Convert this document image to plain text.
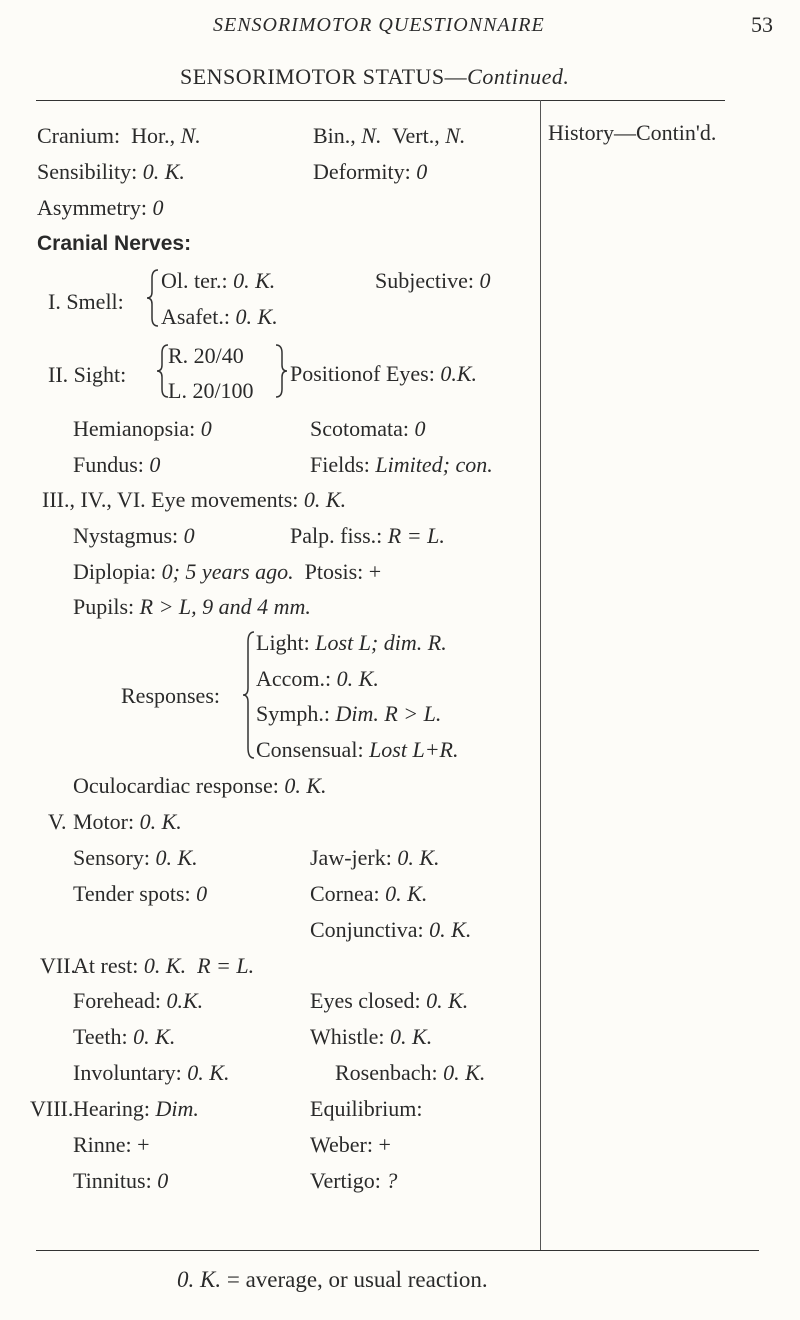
SENSORIMOTOR QUESTIONNAIRE	53
SENSORIMOTOR STATUS—Continued.
History—Contin'd.
Cranium: Hor., N.	Bin., N. Vert., N.
Sensibility: 0. K.	Deformity: 0
Asymmetry: 0
Cranial Nerves:
I. Smell:
Ol. ter.: 0. K.	Subjective: 0
Asafet.: 0. K.
II. Sight:
R. 20/40
L. 20/100
Positionof Eyes: 0.K.
Hemianopsia: 0	Scotomata: 0
Fundus: 0	Fields: Limited; con.
III., IV., VI. Eye movements: 0. K.
Nystagmus: 0	Palp. fiss.: R = L.
Diplopia: 0; 5 years ago. Ptosis: +
Pupils: R > L, 9 and 4 mm.
Responses:
Light: Lost L; dim. R.
Accom.: 0. K.
Symph.: Dim. R > L.
Consensual: Lost L+R.
Oculocardiac response: 0. K.
V. Motor: 0. K.
Sensory: 0. K.	Jaw-jerk: 0. K.
Tender spots: 0	Cornea: 0. K.
Conjunctiva: 0. K.
VII.
At rest: 0. K. R = L.
Forehead: 0.K.	Eyes closed: 0. K.
Teeth: 0. K.	Whistle: 0. K.
Involuntary: 0. K.	Rosenbach: 0. K.
VIII. Hearing: Dim.	Equilibrium:
Rinne: +	Weber: +
Tinnitus: 0	Vertigo: ?
0. K. = average, or usual reaction.
